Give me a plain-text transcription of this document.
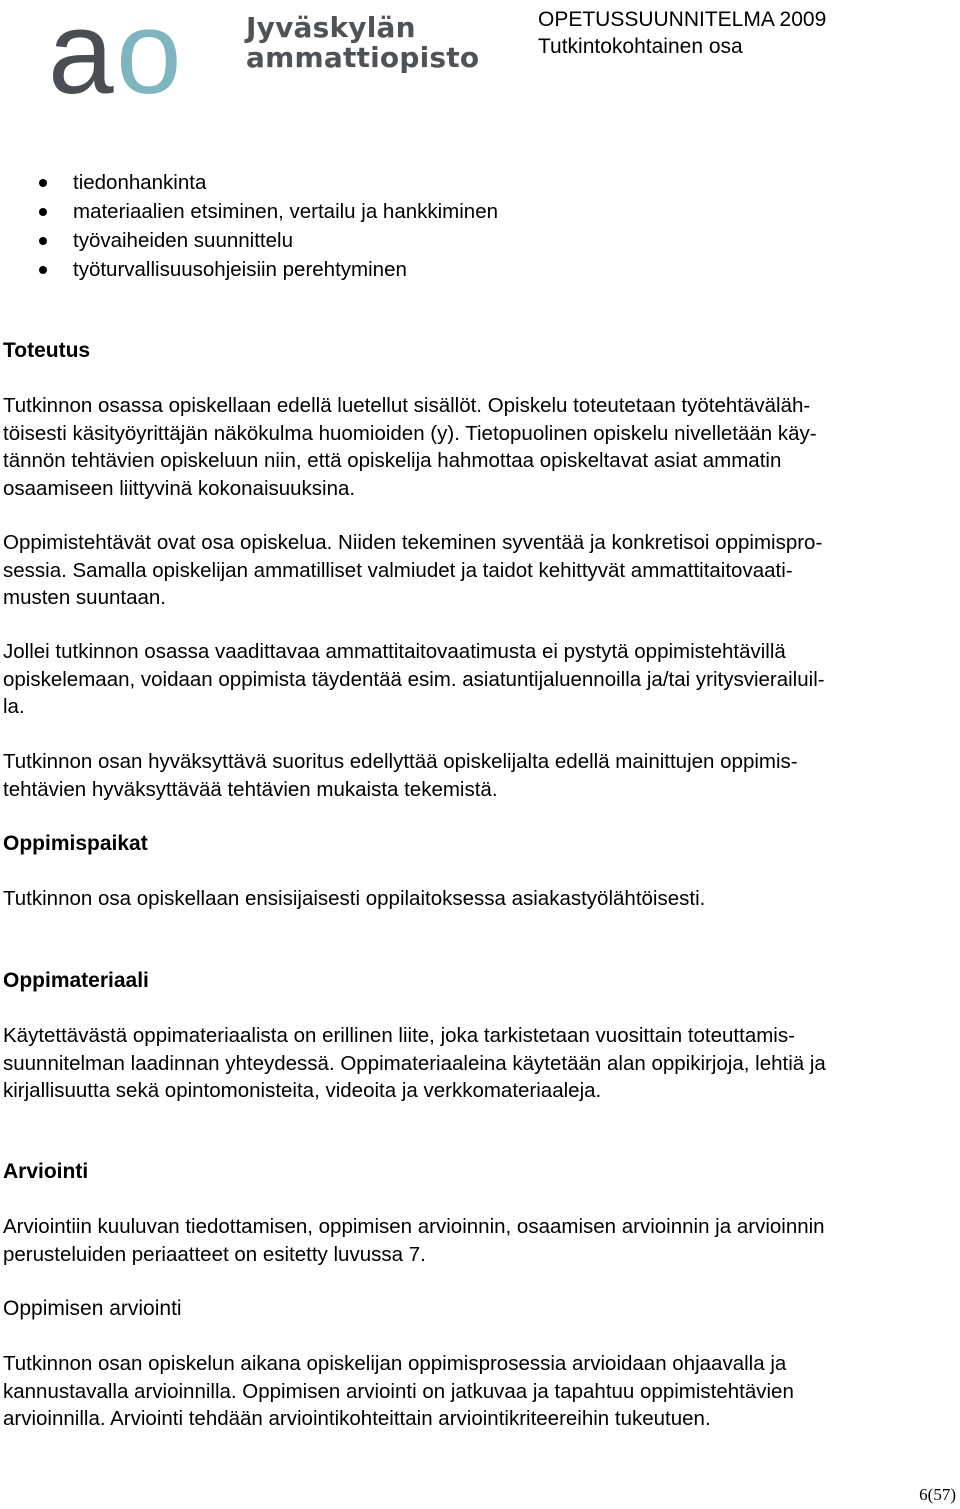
a o Jyväskylän
ammattiopisto
OPETUSSUUNNITELMA 2009
Tutkintokohtainen osa
tiedonhankinta
materiaalien etsiminen, vertailu ja hankkiminen
työvaiheiden suunnittelu
työturvallisuusohjeisiin perehtyminen
Toteutus

Tutkinnon osassa opiskellaan edellä luetellut sisällöt. Opiskelu toteutetaan työtehtäväläh-
töisesti käsityöyrittäjän näkökulma huomioiden (y). Tietopuolinen opiskelu nivelletään käy-
tännön tehtävien opiskeluun niin, että opiskelija hahmottaa opiskeltavat asiat ammatin
osaamiseen liittyvinä kokonaisuuksina.

Oppimistehtävät ovat osa opiskelua. Niiden tekeminen syventää ja konkretisoi oppimispro-
sessia. Samalla opiskelijan ammatilliset valmiudet ja taidot kehittyvät ammattitaitovaati-
musten suuntaan.

Jollei tutkinnon osassa vaadittavaa ammattitaitovaatimusta ei pystytä oppimistehtävillä
opiskelemaan, voidaan oppimista täydentää esim. asiatuntijaluennoilla ja/tai yritysvierailuil-
la.

Tutkinnon osan hyväksyttävä suoritus edellyttää opiskelijalta edellä mainittujen oppimis-
tehtävien hyväksyttävää tehtävien mukaista tekemistä.

Oppimispaikat

Tutkinnon osa opiskellaan ensisijaisesti oppilaitoksessa asiakastyölähtöisesti.

Oppimateriaali

Käytettävästä oppimateriaalista on erillinen liite, joka tarkistetaan vuosittain toteuttamis-
suunnitelman laadinnan yhteydessä. Oppimateriaaleina käytetään alan oppikirjoja, lehtiä ja
kirjallisuutta sekä opintomonisteita, videoita ja verkkomateriaaleja.

Arviointi

Arviointiin kuuluvan tiedottamisen, oppimisen arvioinnin, osaamisen arvioinnin ja arvioinnin
perusteluiden periaatteet on esitetty luvussa 7.

Oppimisen arviointi

Tutkinnon osan opiskelun aikana opiskelijan oppimisprosessia arvioidaan ohjaavalla ja
kannustavalla arvioinnilla. Oppimisen arviointi on jatkuvaa ja tapahtuu oppimistehtävien
arvioinnilla. Arviointi tehdään arviointikohteittain arviointikriteereihin tukeutuen.

6(57)
